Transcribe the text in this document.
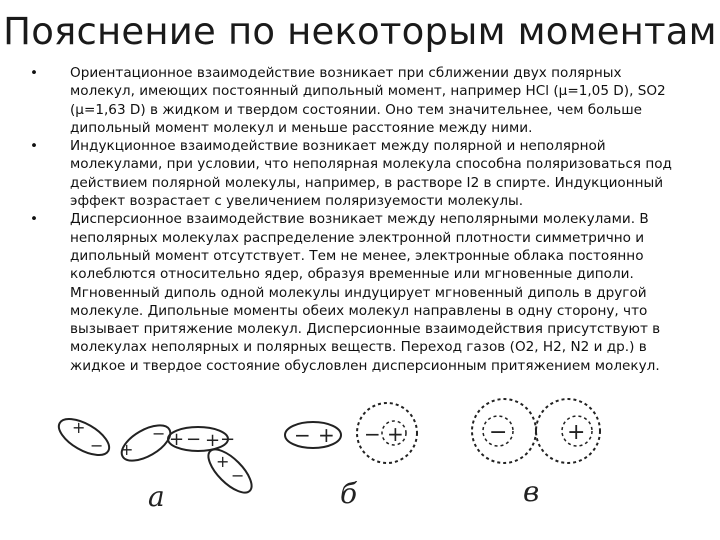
Пояснение по некоторым моментам
•	Ориентационное взаимодействие возникает при сближении двух полярных молекул, имеющих постоянный дипольный момент, например HCl (μ=1,05 D), SO2 (μ=1,63 D) в жидком и твердом состоянии. Оно тем значительнее, чем больше дипольный момент молекул и меньше расстояние между ними.
•	Индукционное взаимодействие возникает между полярной и неполярной молекулами, при условии, что неполярная молекула способна поляризоваться под действием полярной молекулы, например, в растворе I2 в спирте. Индукционный эффект возрастает с увеличением поляризуемости молекулы.
•	Дисперсионное взаимодействие возникает между неполярными молекулами. В неполярных молекулах распределение электронной плотности симметрично и дипольный момент отсутствует. Тем не менее, электронные облака постоянно колеблются относительно ядер, образуя временные или мгновенные диполи. Мгновенный диполь одной молекулы индуцирует мгновенный диполь в другой молекуле. Дипольные моменты обеих молекул направлены в одну сторону, что вызывает притяжение молекул. Дисперсионные взаимодействия присутствуют в молекулах неполярных и полярных веществ. Переход газов (O2, H2, N2 и др.) в жидкое и твердое состояние обусловлен дисперсионным притяжением молекул.
+
− +
− + − + −
+
−
а
− + − +
б
−	+
в
